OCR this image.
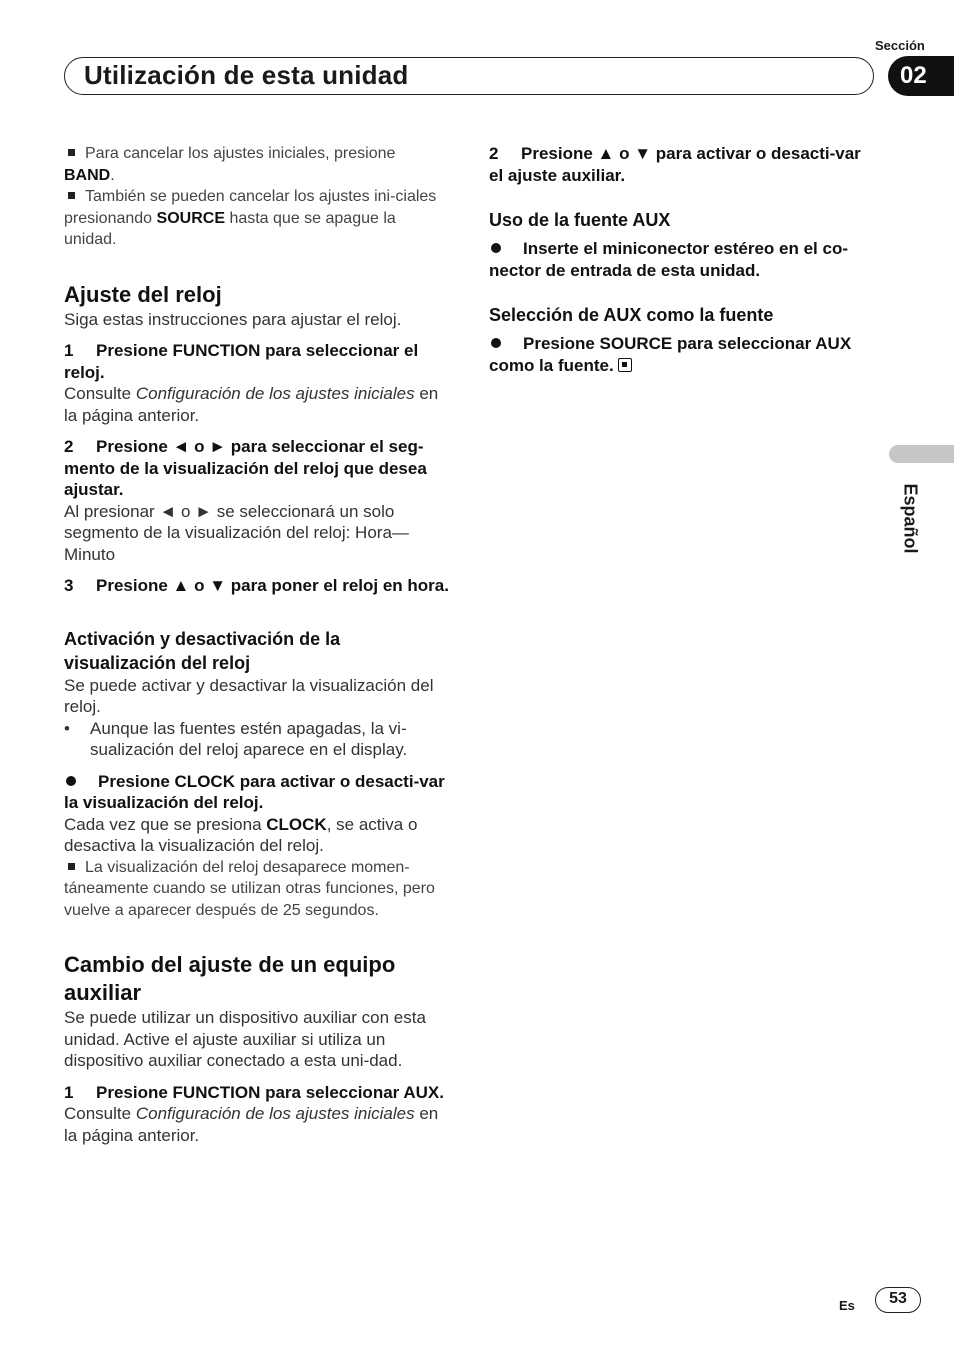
Sección
Utilización de esta unidad	02
Español

Para cancelar los ajustes iniciales, presione
BAND.

También se pueden cancelar los ajustes ini-ciales presionando SOURCE hasta que se apague la unidad.

Ajuste del reloj

Siga estas instrucciones para ajustar el reloj.

1 Presione FUNCTION para seleccionar el reloj.

Consulte Configuración de los ajustes iniciales en la página anterior.

2 Presione ◄ o ► para seleccionar el seg-mento de la visualización del reloj que desea ajustar.

Al presionar ◄ o ► se seleccionará un solo segmento de la visualización del reloj: Hora—Minuto

3 Presione ▲ o ▼ para poner el reloj en hora.

Activación y desactivación de la visualización del reloj

Se puede activar y desactivar la visualización del reloj.

• Aunque las fuentes estén apagadas, la vi-sualización del reloj aparece en el display.

Presione CLOCK para activar o desacti-var la visualización del reloj.

Cada vez que se presiona CLOCK, se activa o desactiva la visualización del reloj.

La visualización del reloj desaparece momen-táneamente cuando se utilizan otras funciones, pero vuelve a aparecer después de 25 segundos.

Cambio del ajuste de un equipo auxiliar

Se puede utilizar un dispositivo auxiliar con esta unidad. Active el ajuste auxiliar si utiliza un dispositivo auxiliar conectado a esta uni-dad.

1 Presione FUNCTION para seleccionar AUX.

Consulte Configuración de los ajustes iniciales en la página anterior.

2 Presione ▲ o ▼ para activar o desacti-var el ajuste auxiliar.

Uso de la fuente AUX

Inserte el miniconector estéreo en el co-nector de entrada de esta unidad.

Selección de AUX como la fuente

Presione SOURCE para seleccionar AUX como la fuente.

Es	53
